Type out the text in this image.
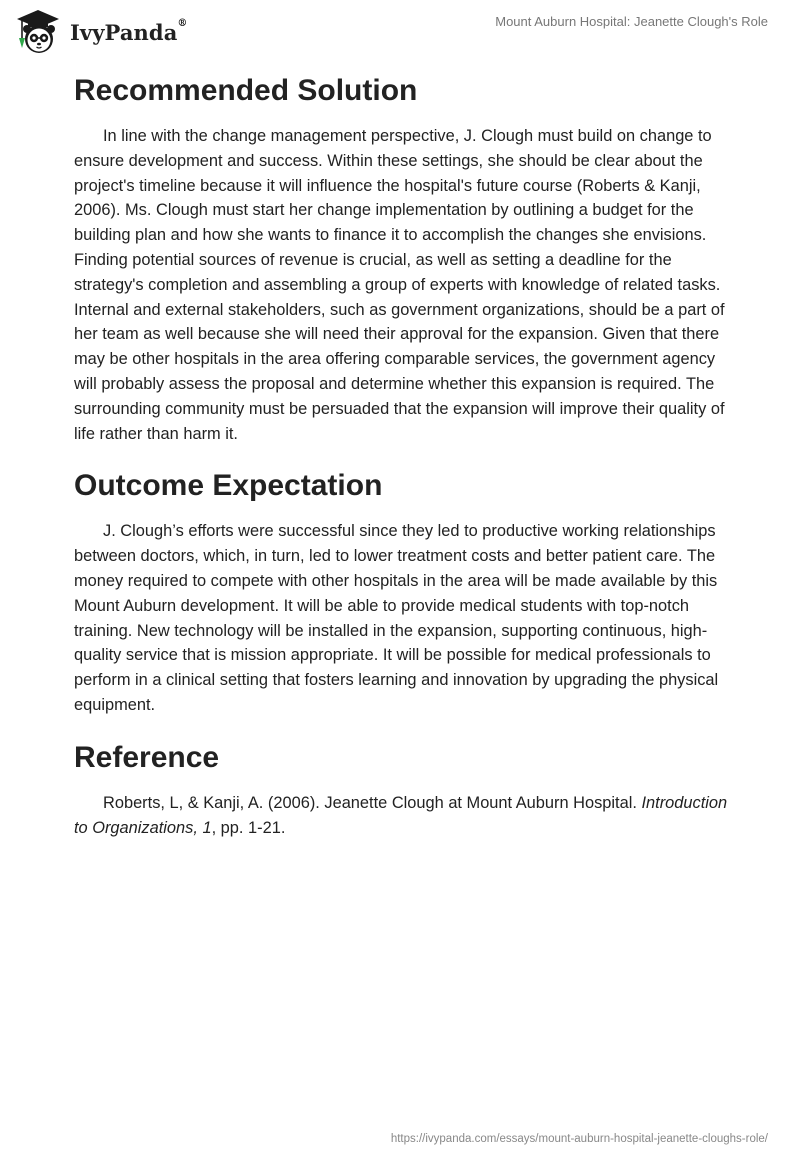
IvyPanda®	Mount Auburn Hospital: Jeanette Clough's Role
Recommended Solution

In line with the change management perspective, J. Clough must build on change to ensure development and success. Within these settings, she should be clear about the project's timeline because it will influence the hospital's future course (Roberts & Kanji, 2006). Ms. Clough must start her change implementation by outlining a budget for the building plan and how she wants to finance it to accomplish the changes she envisions. Finding potential sources of revenue is crucial, as well as setting a deadline for the strategy's completion and assembling a group of experts with knowledge of related tasks. Internal and external stakeholders, such as government organizations, should be a part of her team as well because she will need their approval for the expansion. Given that there may be other hospitals in the area offering comparable services, the government agency will probably assess the proposal and determine whether this expansion is required. The surrounding community must be persuaded that the expansion will improve their quality of life rather than harm it.

Outcome Expectation

J. Clough’s efforts were successful since they led to productive working relationships between doctors, which, in turn, led to lower treatment costs and better patient care. The money required to compete with other hospitals in the area will be made available by this Mount Auburn development. It will be able to provide medical students with top-notch training. New technology will be installed in the expansion, supporting continuous, high-quality service that is mission appropriate. It will be possible for medical professionals to perform in a clinical setting that fosters learning and innovation by upgrading the physical equipment.

Reference

Roberts, L, & Kanji, A. (2006). Jeanette Clough at Mount Auburn Hospital. Introduction to Organizations, 1, pp. 1-21.

https://ivypanda.com/essays/mount-auburn-hospital-jeanette-cloughs-role/
